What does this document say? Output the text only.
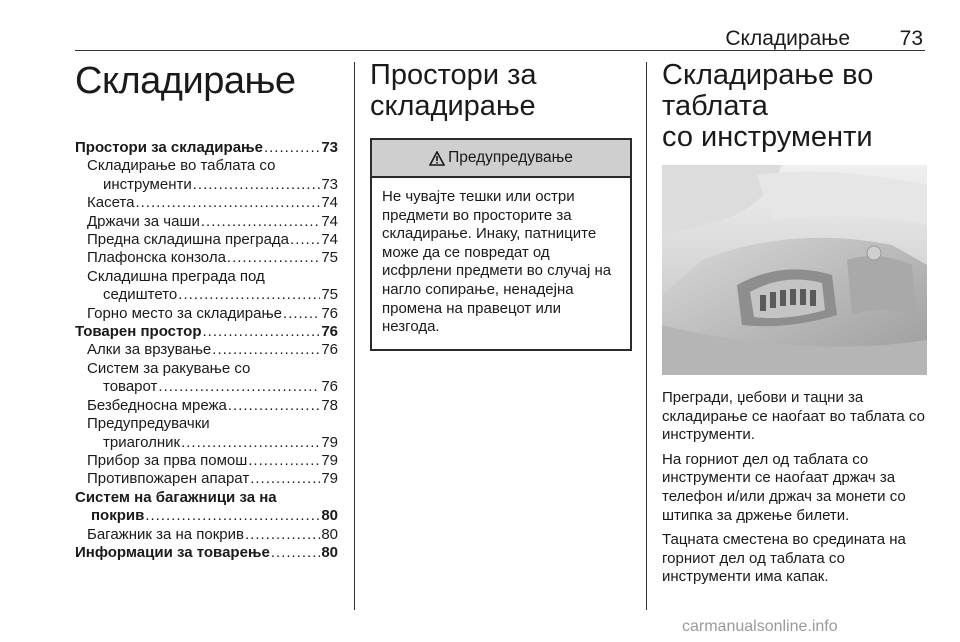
Складирање 73
Складирање
Простори за складирање .....	73
Складирање во таблата со
инструменти .....	73
Касета .....	74
Држачи за чаши .....	74
Предна складишна преграда ..... 74
Плафонска конзола .....	75
Складишна преграда под
седиштето .....	75
Горно место за складирање .....	76
Товарен простор .....	76
Алки за врзување .....	76
Систем за ракување со
товарот .....	76
Безбедносна мрежа .....	78
Предупредувачки
триаголник .....	79
Прибор за прва помош .....	79
Противпожарен апарат .....	79
Систем на багажници за на
покрив .....	80
Багажник за на покрив .....	80
Информации за товарење .....	80
Простори за
складирање
Предупредување
Не чувајте тешки или остри предмети во просторите за складирање. Инаку, патниците може да се повредат од исфрлени предмети во случај на нагло сопирање, ненадејна промена на правецот или незгода.
Складирање во таблата
со инструменти

Прегради, џебови и тацни за складирање се наоѓаат во таблата со инструменти.

На горниот дел од таблата со инструменти се наоѓаат држач за телефон и/или држач за монети со штипка за држење билети.

Тацната сместена во средината на горниот дел од таблата со инструменти има капак.

carmanualsonline.info
